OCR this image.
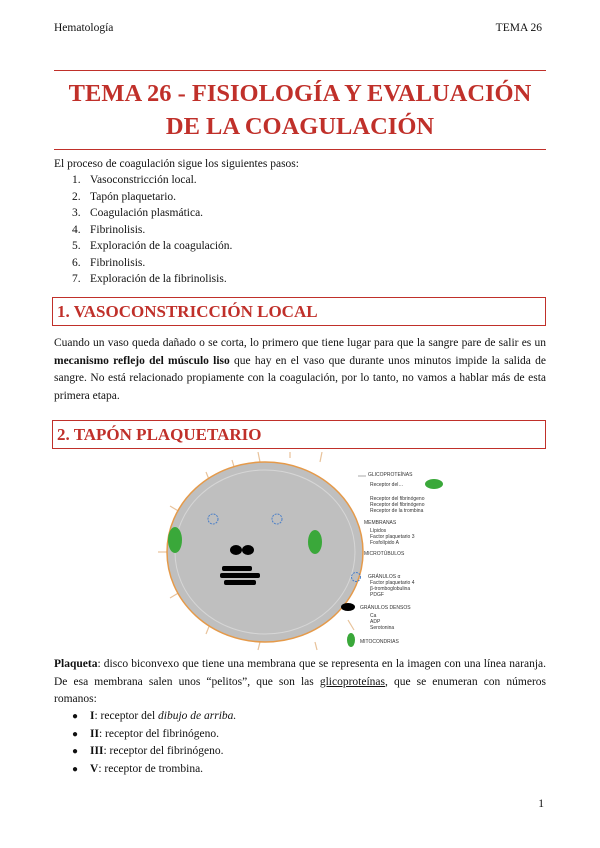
Hematología	TEMA 26
TEMA 26 - FISIOLOGÍA Y EVALUACIÓN
DE LA COAGULACIÓN
El proceso de coagulación sigue los siguientes pasos:
1. Vasoconstricción local.
2. Tapón plaquetario.
3. Coagulación plasmática.
4. Fibrinolisis.
5. Exploración de la coagulación.
6. Fibrinolisis.
7. Exploración de la fibrinolisis.
1. VASOCONSTRICCIÓN LOCAL

Cuando un vaso queda dañado o se corta, lo primero que tiene lugar para que la sangre pare de salir es un mecanismo reflejo del músculo liso que hay en el vaso que durante unos minutos impide la salida de sangre. No está relacionado propiamente con la coagulación, por lo tanto, no vamos a hablar más de esta primera etapa.

2. TAPÓN PLAQUETARIO
GLICOPROTEÍNAS
Receptor del…
Receptor del fibrinógeno
Receptor del fibrinógeno
Receptor de la trombina
MEMBRANAS
Lípidos
Factor plaquetario 3
Fosfolípido A
MICROTÚBULOS
GRÁNULOS α
Factor plaquetario 4
β-tromboglobulina
PDGF
GRÁNULOS DENSOS
Ca
ADP
Serotonina
MITOCONDRIAS

Plaqueta: disco biconvexo que tiene una membrana que se representa en la imagen con una línea naranja. De esa membrana salen unos “pelitos”, que son las glicoproteínas, que se enumeran con números romanos:

● I: receptor del dibujo de arriba.
● II: receptor del fibrinógeno.
● III: receptor del fibrinógeno.
● V: receptor de trombina.
1
